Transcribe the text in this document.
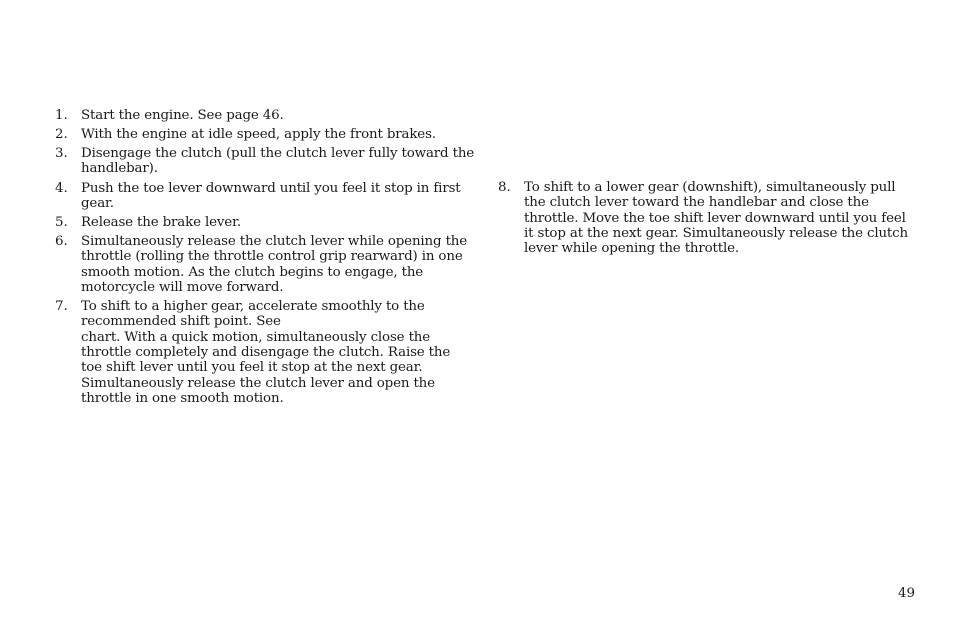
1. Start the engine. See page 46.
2. With the engine at idle speed, apply the front brakes.
3. Disengage the clutch (pull the clutch lever fully toward the handlebar).
4. Push the toe lever downward until you feel it stop in first gear.
5. Release the brake lever.
6. Simultaneously release the clutch lever while opening the throttle (rolling the throttle control grip rearward) in one smooth motion. As the clutch begins to engage, the motorcycle will move forward.
7. To shift to a higher gear, accelerate smoothly to the recommended shift point. See
chart. With a quick motion, simultaneously close the throttle completely and disengage the clutch. Raise the toe shift lever until you feel it stop at the next gear. Simultaneously release the clutch lever and open the throttle in one smooth motion.
8. To shift to a lower gear (downshift), simultaneously pull the clutch lever toward the handlebar and close the throttle. Move the toe shift lever downward until you feel it stop at the next gear. Simultaneously release the clutch lever while opening the throttle.
49
